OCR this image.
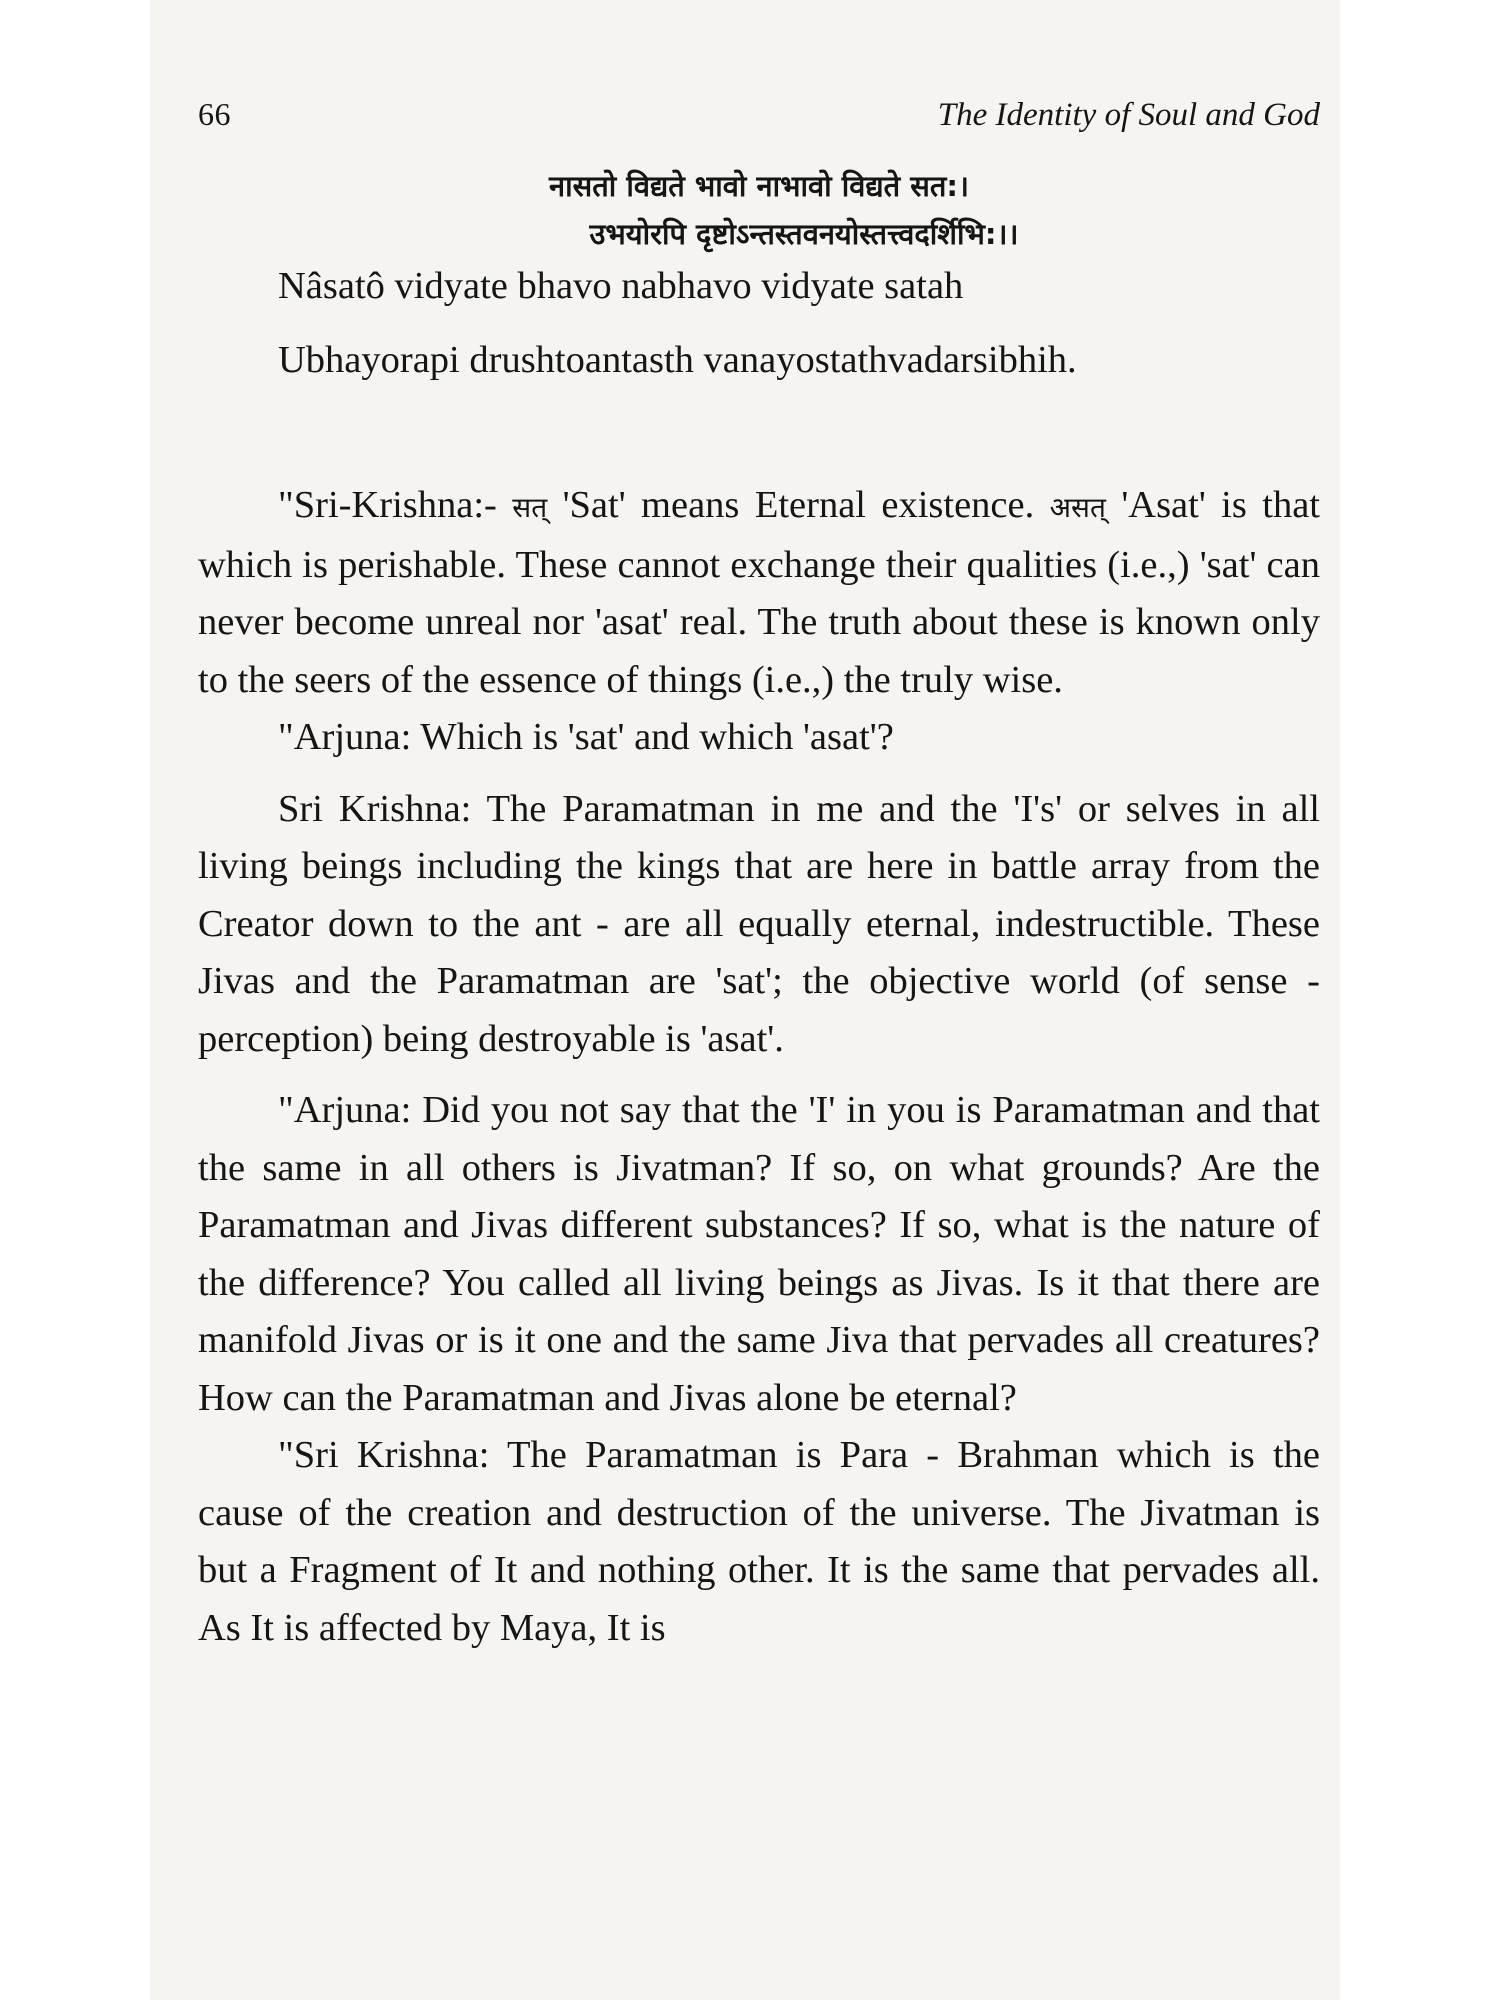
66	The Identity of Soul and God

नासतो विद्यते भावो नाभावो विद्यते सत:।

उभयोरपि दृष्टोऽन्तस्तवनयोस्तत्त्वदर्शिभि:।।

Nâsatô vidyate bhavo nabhavo vidyate satah

Ubhayorapi drushtoantasth vanayostathvadarsibhih.

"Sri-Krishna:- सत् 'Sat' means Eternal existence. असत् 'Asat' is that which is perishable. These cannot exchange their qualities (i.e.,) 'sat' can never become unreal nor 'asat' real. The truth about these is known only to the seers of the essence of things (i.e.,) the truly wise.

"Arjuna: Which is 'sat' and which 'asat'?

Sri Krishna: The Paramatman in me and the 'I's' or selves in all living beings including the kings that are here in battle array from the Creator down to the ant - are all equally eternal, indestructible. These Jivas and the Paramatman are 'sat'; the objective world (of sense - perception) being destroyable is 'asat'.

"Arjuna: Did you not say that the 'I' in you is Paramatman and that the same in all others is Jivatman? If so, on what grounds? Are the Paramatman and Jivas different substances? If so, what is the nature of the difference? You called all living beings as Jivas. Is it that there are manifold Jivas or is it one and the same Jiva that pervades all creatures? How can the Paramatman and Jivas alone be eternal?

"Sri Krishna: The Paramatman is Para - Brahman which is the cause of the creation and destruction of the universe. The Jivatman is but a Fragment of It and nothing other. It is the same that pervades all. As It is affected by Maya, It is
